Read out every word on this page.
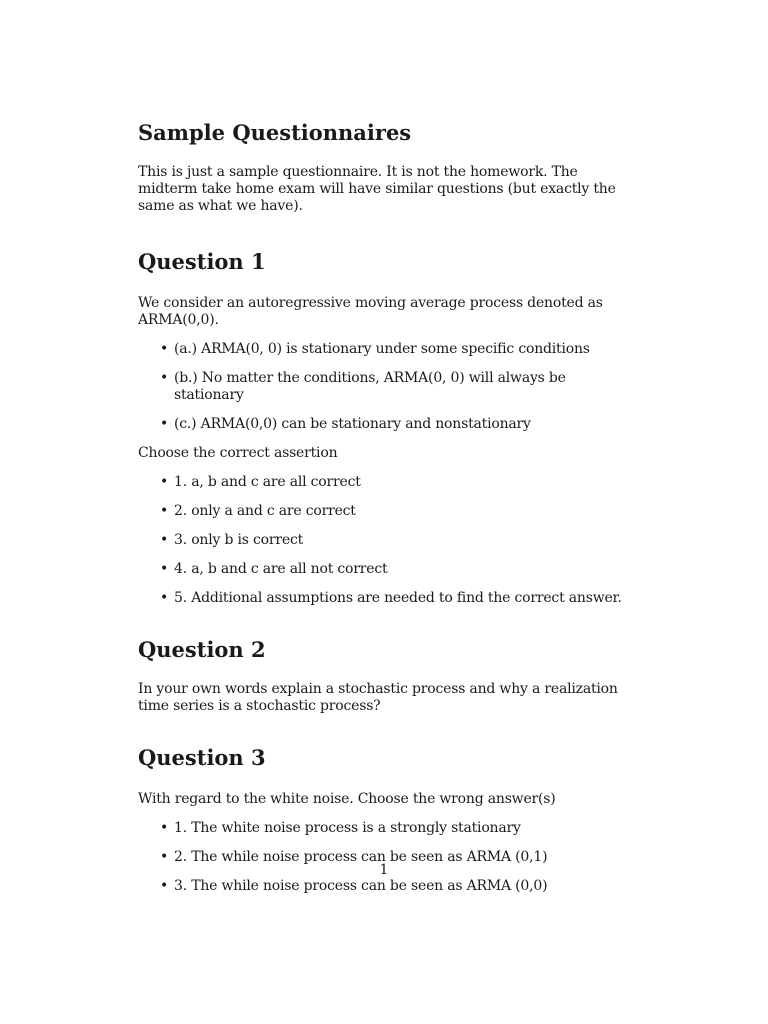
Sample Questionnaires

This is just a sample questionnaire. It is not the homework. The midterm take home exam will have similar questions (but exactly the same as what we have).

Question 1

We consider an autoregressive moving average process denoted as ARMA(0,0).

• (a.) ARMA(0, 0) is stationary under some specific conditions
• (b.) No matter the conditions, ARMA(0, 0) will always be stationary
• (c.) ARMA(0,0) can be stationary and nonstationary

Choose the correct assertion

• 1. a, b and c are all correct
• 2. only a and c are correct
• 3. only b is correct
• 4. a, b and c are all not correct
• 5. Additional assumptions are needed to find the correct answer.
Question 2

In your own words explain a stochastic process and why a realization time series is a stochastic process?

Question 3

With regard to the white noise. Choose the wrong answer(s)

• 1. The white noise process is a strongly stationary
• 2. The while noise process can be seen as ARMA (0,1)
• 3. The while noise process can be seen as ARMA (0,0)
1
